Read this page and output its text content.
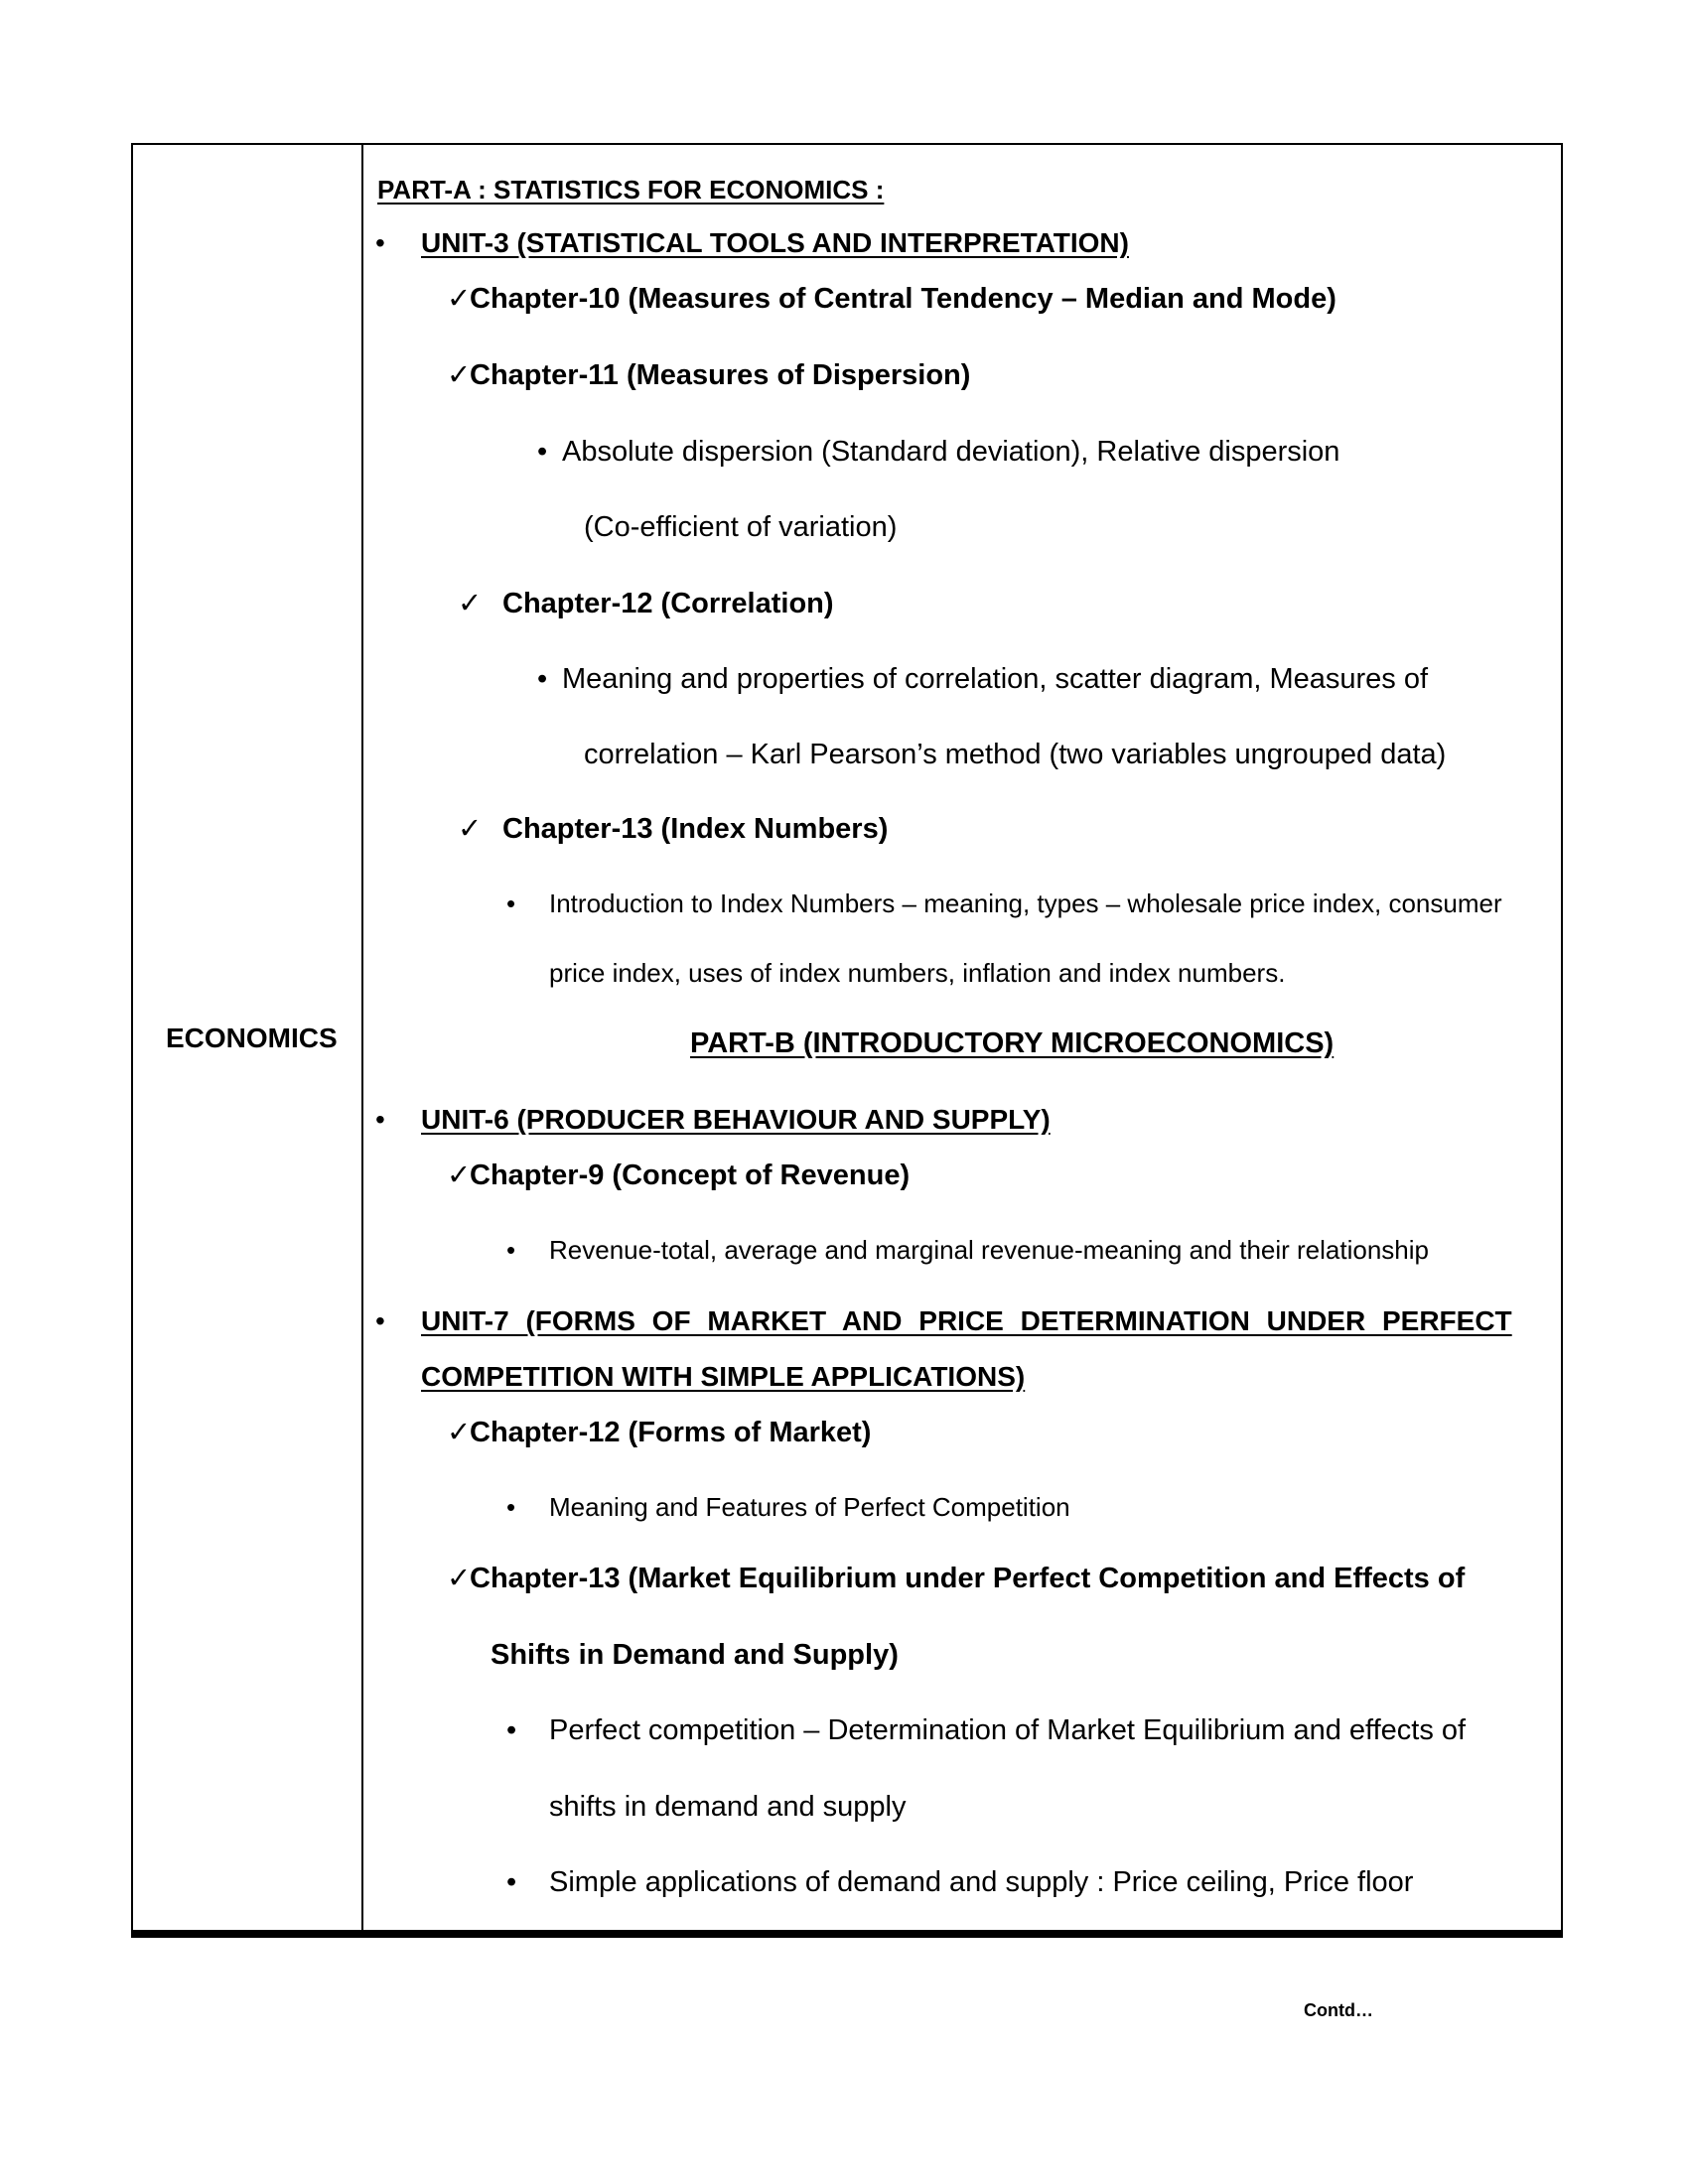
ECONOMICS
PART-A : STATISTICS FOR ECONOMICS :
• UNIT-3 (STATISTICAL TOOLS AND INTERPRETATION)
✓
Chapter-10 (Measures of Central Tendency – Median and Mode)
✓
Chapter-11 (Measures of Dispersion)
• Absolute dispersion (Standard deviation), Relative dispersion
(Co-efficient of variation)
✓ Chapter-12 (Correlation)
• Meaning and properties of correlation, scatter diagram, Measures of
correlation – Karl Pearson’s method (two variables ungrouped data)
✓ Chapter-13 (Index Numbers)
• Introduction to Index Numbers – meaning, types – wholesale price index, consumer
price index, uses of index numbers, inflation and index numbers.
PART-B (INTRODUCTORY MICROECONOMICS)
• UNIT-6 (PRODUCER BEHAVIOUR AND SUPPLY)
✓
Chapter-9 (Concept of Revenue)
• Revenue-total, average and marginal revenue-meaning and their relationship
• UNIT-7 (FORMS OF MARKET AND PRICE DETERMINATION UNDER PERFECT
COMPETITION WITH SIMPLE APPLICATIONS)
✓
Chapter-12 (Forms of Market)
• Meaning and Features of Perfect Competition
✓
Chapter-13 (Market Equilibrium under Perfect Competition and Effects of
Shifts in Demand and Supply)
• Perfect competition – Determination of Market Equilibrium and effects of
shifts in demand and supply
• Simple applications of demand and supply : Price ceiling, Price floor
Contd…
